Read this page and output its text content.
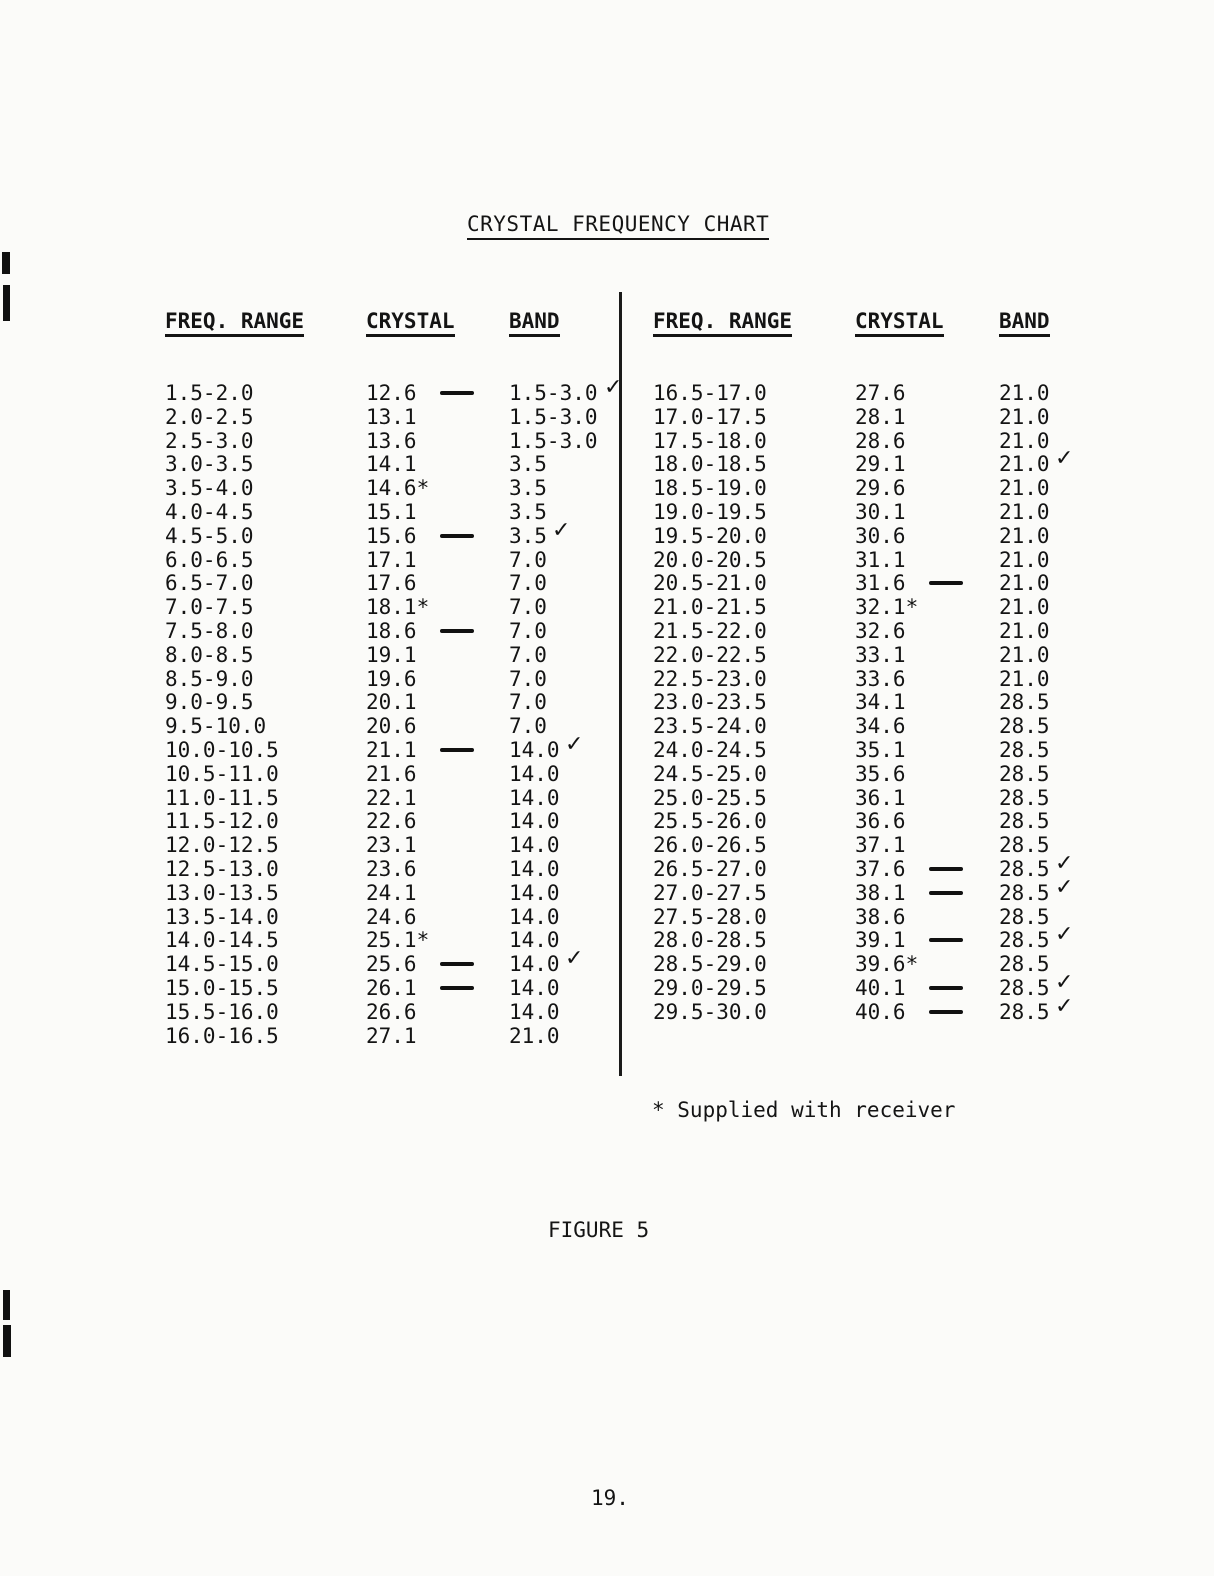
CRYSTAL FREQUENCY CHART
FREQ. RANGE	CRYSTAL	BAND	FREQ. RANGE	CRYSTAL	BAND
1.5-2.0	12.6	1.5-3.0 ✓
2.0-2.5	13.1	1.5-3.0
2.5-3.0	13.6	1.5-3.0
3.0-3.5	14.1	3.5
3.5-4.0	14.6*	3.5
4.0-4.5	15.1	3.5
4.5-5.0	15.6	3.5 ✓
6.0-6.5	17.1	7.0
6.5-7.0	17.6	7.0
7.0-7.5	18.1*	7.0
7.5-8.0	18.6	7.0
8.0-8.5	19.1	7.0
8.5-9.0	19.6	7.0
9.0-9.5	20.1	7.0
9.5-10.0	20.6	7.0
10.0-10.5	21.1	14.0 ✓
10.5-11.0	21.6	14.0
11.0-11.5	22.1	14.0
11.5-12.0	22.6	14.0
12.0-12.5	23.1	14.0
12.5-13.0	23.6	14.0
13.0-13.5	24.1	14.0
13.5-14.0	24.6	14.0
14.0-14.5	25.1*	14.0
14.5-15.0	25.6	14.0 ✓
15.0-15.5	26.1	14.0
15.5-16.0	26.6	14.0
16.0-16.5	27.1	21.0
16.5-17.0	27.6	21.0
17.0-17.5	28.1	21.0
17.5-18.0	28.6	21.0
18.0-18.5	29.1	21.0 ✓
18.5-19.0	29.6	21.0
19.0-19.5	30.1	21.0
19.5-20.0	30.6	21.0
20.0-20.5	31.1	21.0
20.5-21.0	31.6	21.0
21.0-21.5	32.1*	21.0
21.5-22.0	32.6	21.0
22.0-22.5	33.1	21.0
22.5-23.0	33.6	21.0
23.0-23.5	34.1	28.5
23.5-24.0	34.6	28.5
24.0-24.5	35.1	28.5
24.5-25.0	35.6	28.5
25.0-25.5	36.1	28.5
25.5-26.0	36.6	28.5
26.0-26.5	37.1	28.5
26.5-27.0	37.6	28.5 ✓
27.0-27.5	38.1	28.5 ✓
27.5-28.0	38.6	28.5
28.0-28.5	39.1	28.5 ✓
28.5-29.0	39.6*	28.5
29.0-29.5	40.1	28.5 ✓
29.5-30.0	40.6	28.5 ✓
* Supplied with receiver
FIGURE 5
19.
